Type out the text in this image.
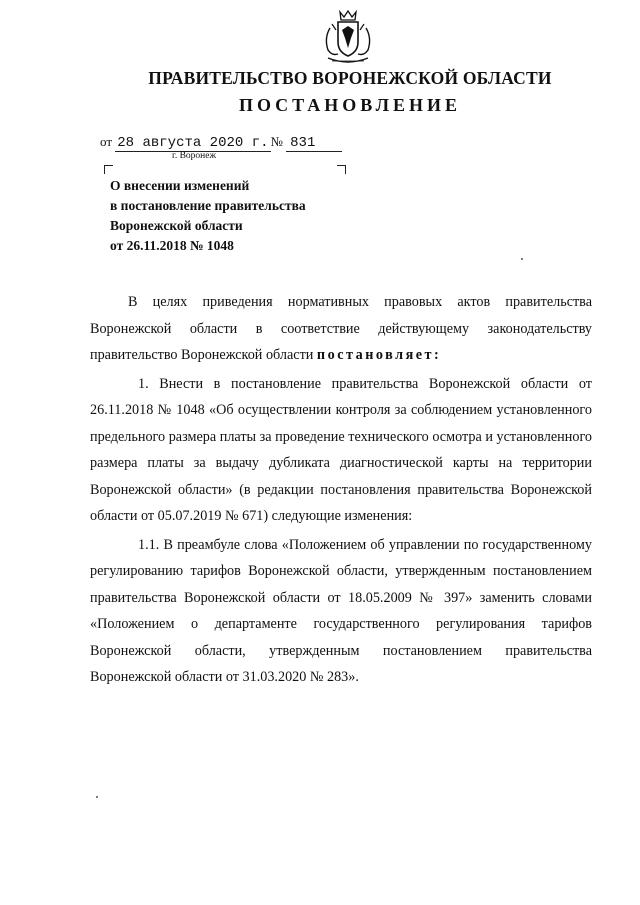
ПРАВИТЕЛЬСТВО ВОРОНЕЖСКОЙ ОБЛАСТИ
ПОСТАНОВЛЕНИЕ
от 28 августа 2020 г. № 831
г. Воронеж
О внесении изменений
в постановление правительства
Воронежской области
от 26.11.2018 № 1048

В целях приведения нормативных правовых актов правительства Воронежской области в соответствие действующему законодательству правительство Воронежской области постановляет:

1. Внести в постановление правительства Воронежской области от 26.11.2018 № 1048 «Об осуществлении контроля за соблюдением установленного предельного размера платы за проведение технического осмотра и установленного размера платы за выдачу дубликата диагностической карты на территории Воронежской области» (в редакции постановления правительства Воронежской области от 05.07.2019 № 671) следующие изменения:

1.1. В преамбуле слова «Положением об управлении по государственному регулированию тарифов Воронежской области, утвержденным постановлением правительства Воронежской области от 18.05.2009 № 397» заменить словами «Положением о департаменте государственного регулирования тарифов Воронежской области, утвержденным постановлением правительства Воронежской области от 31.03.2020 № 283».
